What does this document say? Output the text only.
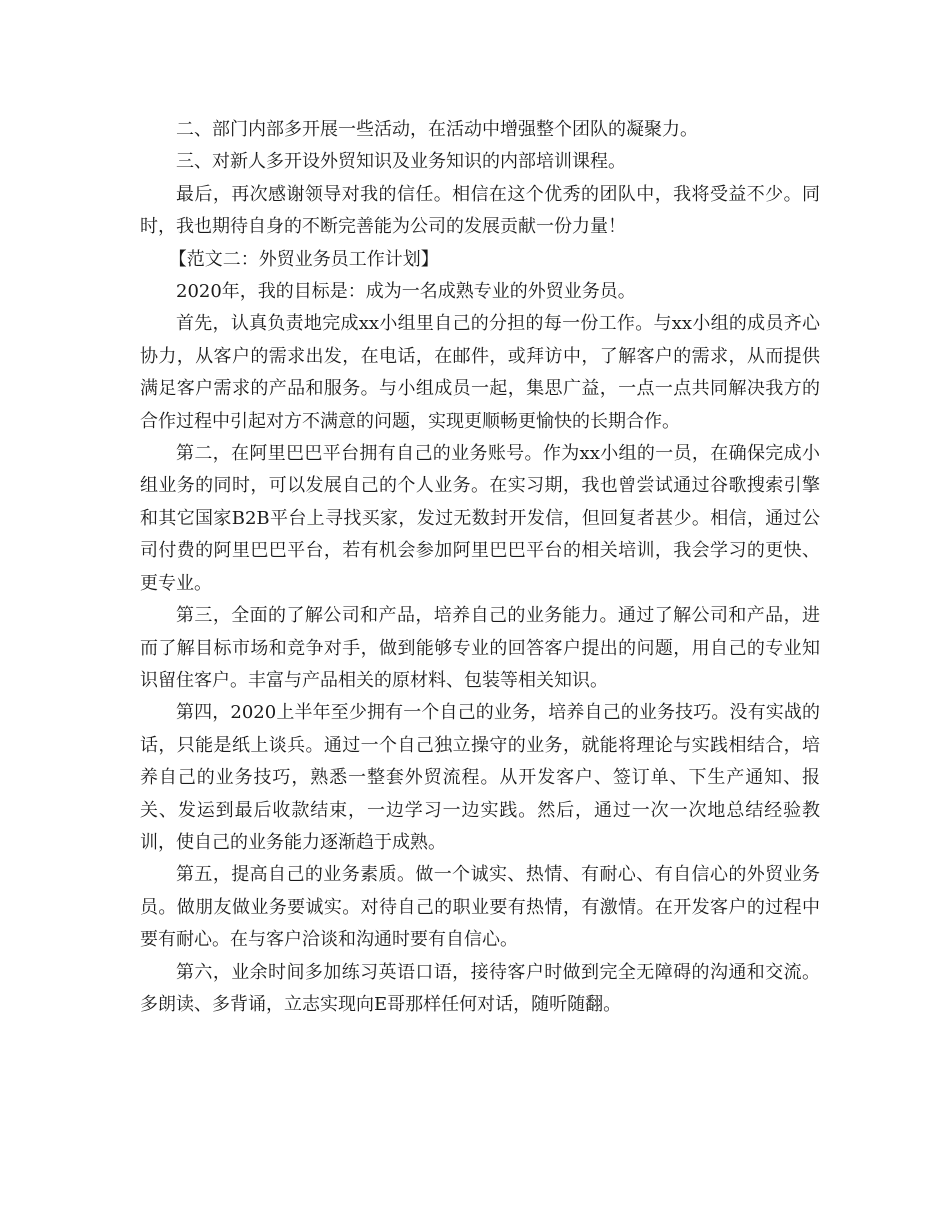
二、部门内部多开展一些活动，在活动中增强整个团队的凝聚力。

三、对新人多开设外贸知识及业务知识的内部培训课程。

最后，再次感谢领导对我的信任。相信在这个优秀的团队中，我将受益不少。同时，我也期待自身的不断完善能为公司的发展贡献一份力量！

【范文二：外贸业务员工作计划】

2020年，我的目标是：成为一名成熟专业的外贸业务员。

首先，认真负责地完成xx小组里自己的分担的每一份工作。与xx小组的成员齐心协力，从客户的需求出发，在电话，在邮件，或拜访中，了解客户的需求，从而提供满足客户需求的产品和服务。与小组成员一起，集思广益，一点一点共同解决我方的合作过程中引起对方不满意的问题，实现更顺畅更愉快的长期合作。

第二，在阿里巴巴平台拥有自己的业务账号。作为xx小组的一员，在确保完成小组业务的同时，可以发展自己的个人业务。在实习期，我也曾尝试通过谷歌搜索引擎和其它国家B2B平台上寻找买家，发过无数封开发信，但回复者甚少。相信，通过公司付费的阿里巴巴平台，若有机会参加阿里巴巴平台的相关培训，我会学习的更快、更专业。

第三，全面的了解公司和产品，培养自己的业务能力。通过了解公司和产品，进而了解目标市场和竞争对手，做到能够专业的回答客户提出的问题，用自己的专业知识留住客户。丰富与产品相关的原材料、包装等相关知识。

第四，2020上半年至少拥有一个自己的业务，培养自己的业务技巧。没有实战的话，只能是纸上谈兵。通过一个自己独立操守的业务，就能将理论与实践相结合，培养自己的业务技巧，熟悉一整套外贸流程。从开发客户、签订单、下生产通知、报关、发运到最后收款结束，一边学习一边实践。然后，通过一次一次地总结经验教训，使自己的业务能力逐渐趋于成熟。

第五，提高自己的业务素质。做一个诚实、热情、有耐心、有自信心的外贸业务员。做朋友做业务要诚实。对待自己的职业要有热情，有激情。在开发客户的过程中要有耐心。在与客户洽谈和沟通时要有自信心。

第六，业余时间多加练习英语口语，接待客户时做到完全无障碍的沟通和交流。多朗读、多背诵，立志实现向E哥那样任何对话，随听随翻。
